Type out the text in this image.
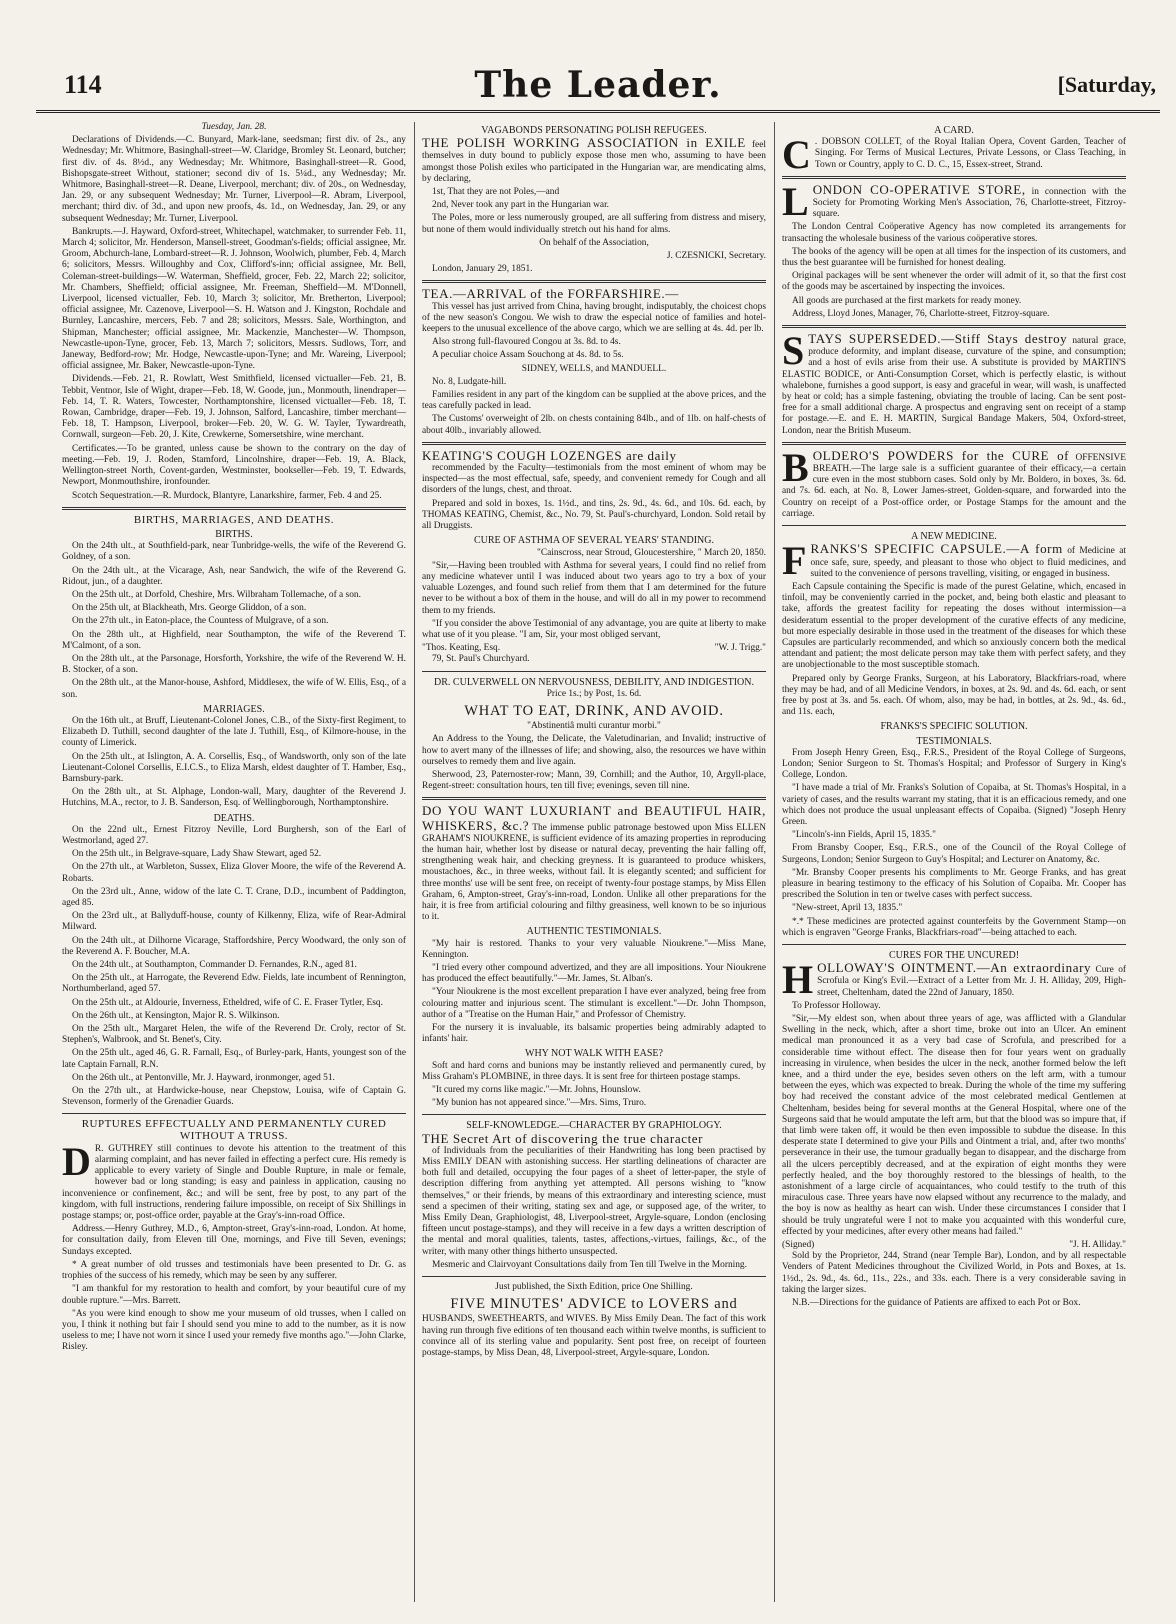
114	The Leader.	[Saturday,

Tuesday, Jan. 28.

Declarations of Dividends.—C. Bunyard, Mark-lane, seedsman; first div. of 2s., any Wednesday; Mr. Whitmore, Basinghall-street—W. Claridge, Bromley St. Leonard, butcher; first div. of 4s. 8½d., any Wednesday; Mr. Whitmore, Basinghall-street—R. Good, Bishopsgate-street Without, stationer; second div of 1s. 5¼d., any Wednesday; Mr. Whitmore, Basinghall-street—R. Deane, Liverpool, merchant; div. of 20s., on Wednesday, Jan. 29, or any subsequent Wednesday; Mr. Turner, Liverpool—R. Abram, Liverpool, merchant; third div. of 3d., and upon new proofs, 4s. 1d., on Wednesday, Jan. 29, or any subsequent Wednesday; Mr. Turner, Liverpool.

Bankrupts.—J. Hayward, Oxford-street, Whitechapel, watchmaker, to surrender Feb. 11, March 4; solicitor, Mr. Henderson, Mansell-street, Goodman's-fields; official assignee, Mr. Groom, Abchurch-lane, Lombard-street—R. J. Johnson, Woolwich, plumber, Feb. 4, March 6; solicitors, Messrs. Willoughby and Cox, Clifford's-inn; official assignee, Mr. Bell, Coleman-street-buildings—W. Waterman, Sheffield, grocer, Feb. 22, March 22; solicitor, Mr. Chambers, Sheffield; official assignee, Mr. Freeman, Sheffield—M. M'Donnell, Liverpool, licensed victualler, Feb. 10, March 3; solicitor, Mr. Bretherton, Liverpool; official assignee, Mr. Cazenove, Liverpool—S. H. Watson and J. Kingston, Rochdale and Burnley, Lancashire, mercers, Feb. 7 and 28; solicitors, Messrs. Sale, Worthington, and Shipman, Manchester; official assignee, Mr. Mackenzie, Manchester—W. Thompson, Newcastle-upon-Tyne, grocer, Feb. 13, March 7; solicitors, Messrs. Sudlows, Torr, and Janeway, Bedford-row; Mr. Hodge, Newcastle-upon-Tyne; and Mr. Wareing, Liverpool; official assignee, Mr. Baker, Newcastle-upon-Tyne.

Dividends.—Feb. 21, R. Rowlatt, West Smithfield, licensed victualler—Feb. 21, B. Tebbit, Ventnor, Isle of Wight, draper—Feb. 18, W. Goode, jun., Monmouth, linendraper—Feb. 14, T. R. Waters, Towcester, Northamptonshire, licensed victualler—Feb. 18, T. Rowan, Cambridge, draper—Feb. 19, J. Johnson, Salford, Lancashire, timber merchant—Feb. 18, T. Hampson, Liverpool, broker—Feb. 20, W. G. W. Tayler, Tywardreath, Cornwall, surgeon—Feb. 20, J. Kite, Crewkerne, Somersetshire, wine merchant.

Certificates.—To be granted, unless cause be shown to the contrary on the day of meeting.—Feb. 19, J. Roden, Stamford, Lincolnshire, draper—Feb. 19, A. Black, Wellington-street North, Covent-garden, Westminster, bookseller—Feb. 19, T. Edwards, Newport, Monmouthshire, ironfounder.

Scotch Sequestration.—R. Murdock, Blantyre, Lanarkshire, farmer, Feb. 4 and 25.

BIRTHS, MARRIAGES, AND DEATHS.
BIRTHS.

On the 24th ult., at Southfield-park, near Tunbridge-wells, the wife of the Reverend G. Goldney, of a son.

On the 24th ult., at the Vicarage, Ash, near Sandwich, the wife of the Reverend G. Ridout, jun., of a daughter.

On the 25th ult., at Dorfold, Cheshire, Mrs. Wilbraham Tollemache, of a son.

On the 25th ult, at Blackheath, Mrs. George Gliddon, of a son.

On the 27th ult., in Eaton-place, the Countess of Mulgrave, of a son.

On the 28th ult., at Highfield, near Southampton, the wife of the Reverend T. M'Calmont, of a son.

On the 28th ult., at the Parsonage, Horsforth, Yorkshire, the wife of the Reverend W. H. B. Stocker, of a son.

On the 28th ult., at the Manor-house, Ashford, Middlesex, the wife of W. Ellis, Esq., of a son.

MARRIAGES.

On the 16th ult., at Bruff, Lieutenant-Colonel Jones, C.B., of the Sixty-first Regiment, to Elizabeth D. Tuthill, second daughter of the late J. Tuthill, Esq., of Kilmore-house, in the county of Limerick.

On the 25th ult., at Islington, A. A. Corsellis, Esq., of Wandsworth, only son of the late Lieutenant-Colonel Corsellis, E.I.C.S., to Eliza Marsh, eldest daughter of T. Hamber, Esq., Barnsbury-park.

On the 28th ult., at St. Alphage, London-wall, Mary, daughter of the Reverend J. Hutchins, M.A., rector, to J. B. Sanderson, Esq. of Wellingborough, Northamptonshire.

DEATHS.

On the 22nd ult., Ernest Fitzroy Neville, Lord Burghersh, son of the Earl of Westmorland, aged 27.

On the 25th ult., in Belgrave-square, Lady Shaw Stewart, aged 52.

On the 27th ult., at Warbleton, Sussex, Eliza Glover Moore, the wife of the Reverend A. Robarts.

On the 23rd ult., Anne, widow of the late C. T. Crane, D.D., incumbent of Paddington, aged 85.

On the 23rd ult., at Ballyduff-house, county of Kilkenny, Eliza, wife of Rear-Admiral Milward.

On the 24th ult., at Dilhorne Vicarage, Staffordshire, Percy Woodward, the only son of the Reverend A. F. Boucher, M.A.

On the 24th ult., at Southampton, Commander D. Fernandes, R.N., aged 81.

On the 25th ult., at Harrogate, the Reverend Edw. Fields, late incumbent of Rennington, Northumberland, aged 57.

On the 25th ult., at Aldourie, Inverness, Etheldred, wife of C. E. Fraser Tytler, Esq.

On the 26th ult., at Kensington, Major R. S. Wilkinson.

On the 25th ult., Margaret Helen, the wife of the Reverend Dr. Croly, rector of St. Stephen's, Walbrook, and St. Benet's, City.

On the 25th ult., aged 46, G. R. Farnall, Esq., of Burley-park, Hants, youngest son of the late Captain Farnall, R.N.

On the 26th ult., at Pentonville, Mr. J. Hayward, ironmonger, aged 51.

On the 27th ult., at Hardwicke-house, near Chepstow, Louisa, wife of Captain G. Stevenson, formerly of the Grenadier Guards.

RUPTURES EFFECTUALLY AND PERMANENTLY CURED WITHOUT A TRUSS.

D R. GUTHREY still continues to devote his attention to the treatment of this alarming complaint, and has never failed in effecting a perfect cure. His remedy is applicable to every variety of Single and Double Rupture, in male or female, however bad or long standing; is easy and painless in application, causing no inconvenience or confinement, &c.; and will be sent, free by post, to any part of the kingdom, with full instructions, rendering failure impossible, on receipt of Six Shillings in postage stamps; or, post-office order, payable at the Gray's-inn-road Office.

Address.—Henry Guthrey, M.D., 6, Ampton-street, Gray's-inn-road, London. At home, for consultation daily, from Eleven till One, mornings, and Five till Seven, evenings; Sundays excepted.

* A great number of old trusses and testimonials have been presented to Dr. G. as trophies of the success of his remedy, which may be seen by any sufferer.

"I am thankful for my restoration to health and comfort, by your beautiful cure of my double rupture."—Mrs. Barrett.

"As you were kind enough to show me your museum of old trusses, when I called on you, I think it nothing but fair I should send you mine to add to the number, as it is now useless to me; I have not worn it since I used your remedy five months ago."—John Clarke, Risley.

VAGABONDS PERSONATING POLISH REFUGEES.

THE POLISH WORKING ASSOCIATION in EXILE feel themselves in duty bound to publicly expose those men who, assuming to have been amongst those Polish exiles who participated in the Hungarian war, are mendicating alms, by declaring,

1st, That they are not Poles,—and

2nd, Never took any part in the Hungarian war.

The Poles, more or less numerously grouped, are all suffering from distress and misery, but none of them would individually stretch out his hand for alms.

On behalf of the Association,

J. CZESNICKI, Secretary.

London, January 29, 1851.

TEA.—ARRIVAL of the FORFARSHIRE.—

This vessel has just arrived from China, having brought, indisputably, the choicest chops of the new season's Congou. We wish to draw the especial notice of families and hotel-keepers to the unusual excellence of the above cargo, which we are selling at 4s. 4d. per lb.

Also strong full-flavoured Congou at 3s. 8d. to 4s.

A peculiar choice Assam Souchong at 4s. 8d. to 5s.

SIDNEY, WELLS, and MANDUELL.

No. 8, Ludgate-hill.

Families resident in any part of the kingdom can be supplied at the above prices, and the teas carefully packed in lead.

The Customs' overweight of 2lb. on chests containing 84lb., and of 1lb. on half-chests of about 40lb., invariably allowed.

KEATING'S COUGH LOZENGES are daily

recommended by the Faculty—testimonials from the most eminent of whom may be inspected—as the most effectual, safe, speedy, and convenient remedy for Cough and all disorders of the lungs, chest, and throat.

Prepared and sold in boxes, 1s. 1½d., and tins, 2s. 9d., 4s. 6d., and 10s. 6d. each, by THOMAS KEATING, Chemist, &c., No. 79, St. Paul's-churchyard, London. Sold retail by all Druggists.

CURE OF ASTHMA OF SEVERAL YEARS' STANDING.

"Cainscross, near Stroud, Gloucestershire, " March 20, 1850.

"Sir,—Having been troubled with Asthma for several years, I could find no relief from any medicine whatever until I was induced about two years ago to try a box of your valuable Lozenges, and found such relief from them that I am determined for the future never to be without a box of them in the house, and will do all in my power to recommend them to my friends.

"If you consider the above Testimonial of any advantage, you are quite at liberty to make what use of it you please. "I am, Sir, your most obliged servant,

"Thos. Keating, Esq.	"W. J. Trigg."

79, St. Paul's Churchyard.

DR. CULVERWELL ON NERVOUSNESS, DEBILITY, AND INDIGESTION.

Price 1s.; by Post, 1s. 6d.

WHAT TO EAT, DRINK, AND AVOID.

"Abstinentiâ multi curantur morbi."

An Address to the Young, the Delicate, the Valetudinarian, and Invalid; instructive of how to avert many of the illnesses of life; and showing, also, the resources we have within ourselves to remedy them and live again.

Sherwood, 23, Paternoster-row; Mann, 39, Cornhill; and the Author, 10, Argyll-place, Regent-street: consultation hours, ten till five; evenings, seven till nine.

DO YOU WANT LUXURIANT and BEAUTIFUL HAIR, WHISKERS, &c.? The immense public patronage bestowed upon Miss ELLEN GRAHAM'S NIOUKRENE, is sufficient evidence of its amazing properties in reproducing the human hair, whether lost by disease or natural decay, preventing the hair falling off, strengthening weak hair, and checking greyness. It is guaranteed to produce whiskers, moustachoes, &c., in three weeks, without fail. It is elegantly scented; and sufficient for three months' use will be sent free, on receipt of twenty-four postage stamps, by Miss Ellen Graham, 6, Ampton-street, Gray's-inn-road, London. Unlike all other preparations for the hair, it is free from artificial colouring and filthy greasiness, well known to be so injurious to it.

AUTHENTIC TESTIMONIALS.

"My hair is restored. Thanks to your very valuable Nioukrene."—Miss Mane, Kennington.

"I tried every other compound advertized, and they are all impositions. Your Nioukrene has produced the effect beautifully."—Mr. James, St. Alban's.

"Your Nioukrene is the most excellent preparation I have ever analyzed, being free from colouring matter and injurious scent. The stimulant is excellent."—Dr. John Thompson, author of a "Treatise on the Human Hair," and Professor of Chemistry.

For the nursery it is invaluable, its balsamic properties being admirably adapted to infants' hair.

WHY NOT WALK WITH EASE?

Soft and hard corns and bunions may be instantly relieved and permanently cured, by Miss Graham's PLOMBINE, in three days. It is sent free for thirteen postage stamps.

"It cured my corns like magic."—Mr. Johns, Hounslow.

"My bunion has not appeared since."—Mrs. Sims, Truro.

SELF-KNOWLEDGE.—CHARACTER BY GRAPHIOLOGY.

THE Secret Art of discovering the true character

of Individuals from the peculiarities of their Handwriting has long been practised by Miss EMILY DEAN with astonishing success. Her startling delineations of character are both full and detailed, occupying the four pages of a sheet of letter-paper, the style of description differing from anything yet attempted. All persons wishing to "know themselves," or their friends, by means of this extraordinary and interesting science, must send a specimen of their writing, stating sex and age, or supposed age, of the writer, to Miss Emily Dean, Graphiologist, 48, Liverpool-street, Argyle-square, London (enclosing fifteen uncut postage-stamps), and they will receive in a few days a written description of the mental and moral qualities, talents, tastes, affections,-virtues, failings, &c., of the writer, with many other things hitherto unsuspected.

Mesmeric and Clairvoyant Consultations daily from Ten till Twelve in the Morning.

Just published, the Sixth Edition, price One Shilling.

FIVE MINUTES' ADVICE to LOVERS and

HUSBANDS, SWEETHEARTS, and WIVES. By Miss Emily Dean. The fact of this work having run through five editions of ten thousand each within twelve months, is sufficient to convince all of its sterling value and popularity. Sent post free, on receipt of fourteen postage-stamps, by Miss Dean, 48, Liverpool-street, Argyle-square, London.

A CARD.

C . DOBSON COLLET, of the Royal Italian Opera, Covent Garden, Teacher of Singing. For Terms of Musical Lectures, Private Lessons, or Class Teaching, in Town or Country, apply to C. D. C., 15, Essex-street, Strand.

LONDON CO-OPERATIVE STORE, in connection with the Society for Promoting Working Men's Association, 76, Charlotte-street, Fitzroy-square.

The London Central Coöperative Agency has now completed its arrangements for transacting the wholesale business of the various coöperative stores.

The books of the agency will be open at all times for the inspection of its customers, and thus the best guarantee will be furnished for honest dealing.

Original packages will be sent whenever the order will admit of it, so that the first cost of the goods may be ascertained by inspecting the invoices.

All goods are purchased at the first markets for ready money.

Address, Lloyd Jones, Manager, 76, Charlotte-street, Fitzroy-square.

STAYS SUPERSEDED.—Stiff Stays destroy natural grace, produce deformity, and implant disease, curvature of the spine, and consumption; and a host of evils arise from their use. A substitute is provided by MARTIN'S ELASTIC BODICE, or Anti-Consumption Corset, which is perfectly elastic, is without whalebone, furnishes a good support, is easy and graceful in wear, will wash, is unaffected by heat or cold; has a simple fastening, obviating the trouble of lacing. Can be sent post-free for a small additional charge. A prospectus and engraving sent on receipt of a stamp for postage.—E. and E. H. MARTIN, Surgical Bandage Makers, 504, Oxford-street, London, near the British Museum.

BOLDERO'S POWDERS for the CURE of OFFENSIVE BREATH.—The large sale is a sufficient guarantee of their efficacy,—a certain cure even in the most stubborn cases. Sold only by Mr. Boldero, in boxes, 3s. 6d. and 7s. 6d. each, at No. 8, Lower James-street, Golden-square, and forwarded into the Country on receipt of a Post-office order, or Postage Stamps for the amount and the carriage.

A NEW MEDICINE.

FRANKS'S SPECIFIC CAPSULE.—A form of Medicine at once safe, sure, speedy, and pleasant to those who object to fluid medicines, and suited to the convenience of persons travelling, visiting, or engaged in business.

Each Capsule containing the Specific is made of the purest Gelatine, which, encased in tinfoil, may be conveniently carried in the pocket, and, being both elastic and pleasant to take, affords the greatest facility for repeating the doses without intermission—a desideratum essential to the proper development of the curative effects of any medicine, but more especially desirable in those used in the treatment of the diseases for which these Capsules are particularly recommended, and which so anxiously concern both the medical attendant and patient; the most delicate person may take them with perfect safety, and they are unobjectionable to the most susceptible stomach.

Prepared only by George Franks, Surgeon, at his Laboratory, Blackfriars-road, where they may be had, and of all Medicine Vendors, in boxes, at 2s. 9d. and 4s. 6d. each, or sent free by post at 3s. and 5s. each. Of whom, also, may be had, in bottles, at 2s. 9d., 4s. 6d., and 11s. each,

FRANKS'S SPECIFIC SOLUTION.
TESTIMONIALS.

From Joseph Henry Green, Esq., F.R.S., President of the Royal College of Surgeons, London; Senior Surgeon to St. Thomas's Hospital; and Professor of Surgery in King's College, London.

"I have made a trial of Mr. Franks's Solution of Copaiba, at St. Thomas's Hospital, in a variety of cases, and the results warrant my stating, that it is an efficacious remedy, and one which does not produce the usual unpleasant effects of Copaiba. (Signed) "Joseph Henry Green.

"Lincoln's-inn Fields, April 15, 1835."

From Bransby Cooper, Esq., F.R.S., one of the Council of the Royal College of Surgeons, London; Senior Surgeon to Guy's Hospital; and Lecturer on Anatomy, &c.

"Mr. Bransby Cooper presents his compliments to Mr. George Franks, and has great pleasure in bearing testimony to the efficacy of his Solution of Copaiba. Mr. Cooper has prescribed the Solution in ten or twelve cases with perfect success.

"New-street, April 13, 1835."

*.* These medicines are protected against counterfeits by the Government Stamp—on which is engraven "George Franks, Blackfriars-road"—being attached to each.

CURES FOR THE UNCURED!

HOLLOWAY'S OINTMENT.—An extraordinary Cure of Scrofula or King's Evil.—Extract of a Letter from Mr. J. H. Alliday, 209, High-street, Cheltenham, dated the 22nd of January, 1850.

To Professor Holloway.

"Sir,—My eldest son, when about three years of age, was afflicted with a Glandular Swelling in the neck, which, after a short time, broke out into an Ulcer. An eminent medical man pronounced it as a very bad case of Scrofula, and prescribed for a considerable time without effect. The disease then for four years went on gradually increasing in virulence, when besides the ulcer in the neck, another formed below the left knee, and a third under the eye, besides seven others on the left arm, with a tumour between the eyes, which was expected to break. During the whole of the time my suffering boy had received the constant advice of the most celebrated medical Gentlemen at Cheltenham, besides being for several months at the General Hospital, where one of the Surgeons said that he would amputate the left arm, but that the blood was so impure that, if that limb were taken off, it would be then even impossible to subdue the disease. In this desperate state I determined to give your Pills and Ointment a trial, and, after two months' perseverance in their use, the tumour gradually began to disappear, and the discharge from all the ulcers perceptibly decreased, and at the expiration of eight months they were perfectly healed, and the boy thoroughly restored to the blessings of health, to the astonishment of a large circle of acquaintances, who could testify to the truth of this miraculous case. Three years have now elapsed without any recurrence to the malady, and the boy is now as healthy as heart can wish. Under these circumstances I consider that I should be truly ungrateful were I not to make you acquainted with this wonderful cure, effected by your medicines, after every other means had failed."

(Signed)	"J. H. Alliday."

Sold by the Proprietor, 244, Strand (near Temple Bar), London, and by all respectable Venders of Patent Medicines throughout the Civilized World, in Pots and Boxes, at 1s. 1½d., 2s. 9d., 4s. 6d., 11s., 22s., and 33s. each. There is a very considerable saving in taking the larger sizes.

N.B.—Directions for the guidance of Patients are affixed to each Pot or Box.
